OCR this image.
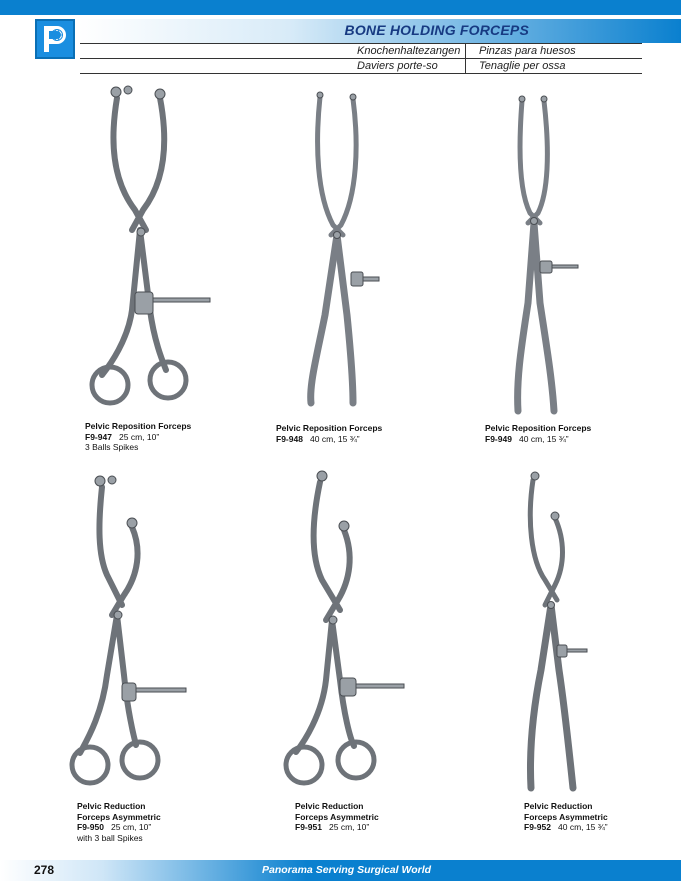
BONE HOLDING FORCEPS
Knochenhaltezangen Pinzas para huesos
Daviers porte-so	Tenaglie per ossa
Pelvic Reposition Forceps
F9-947 25 cm, 10”
3 Balls Spikes
Pelvic Reposition Forceps
F9-948 40 cm, 15 ¾”
Pelvic Reposition Forceps
F9-949 40 cm, 15 ¾”
Pelvic Reduction
Forceps Asymmetric
F9-950 25 cm, 10”
with 3 ball Spikes
Pelvic Reduction
Forceps Asymmetric
F9-951 25 cm, 10”
Pelvic Reduction
Forceps Asymmetric
F9-952 40 cm, 15 ¾”
278	Panorama Serving Surgical World
